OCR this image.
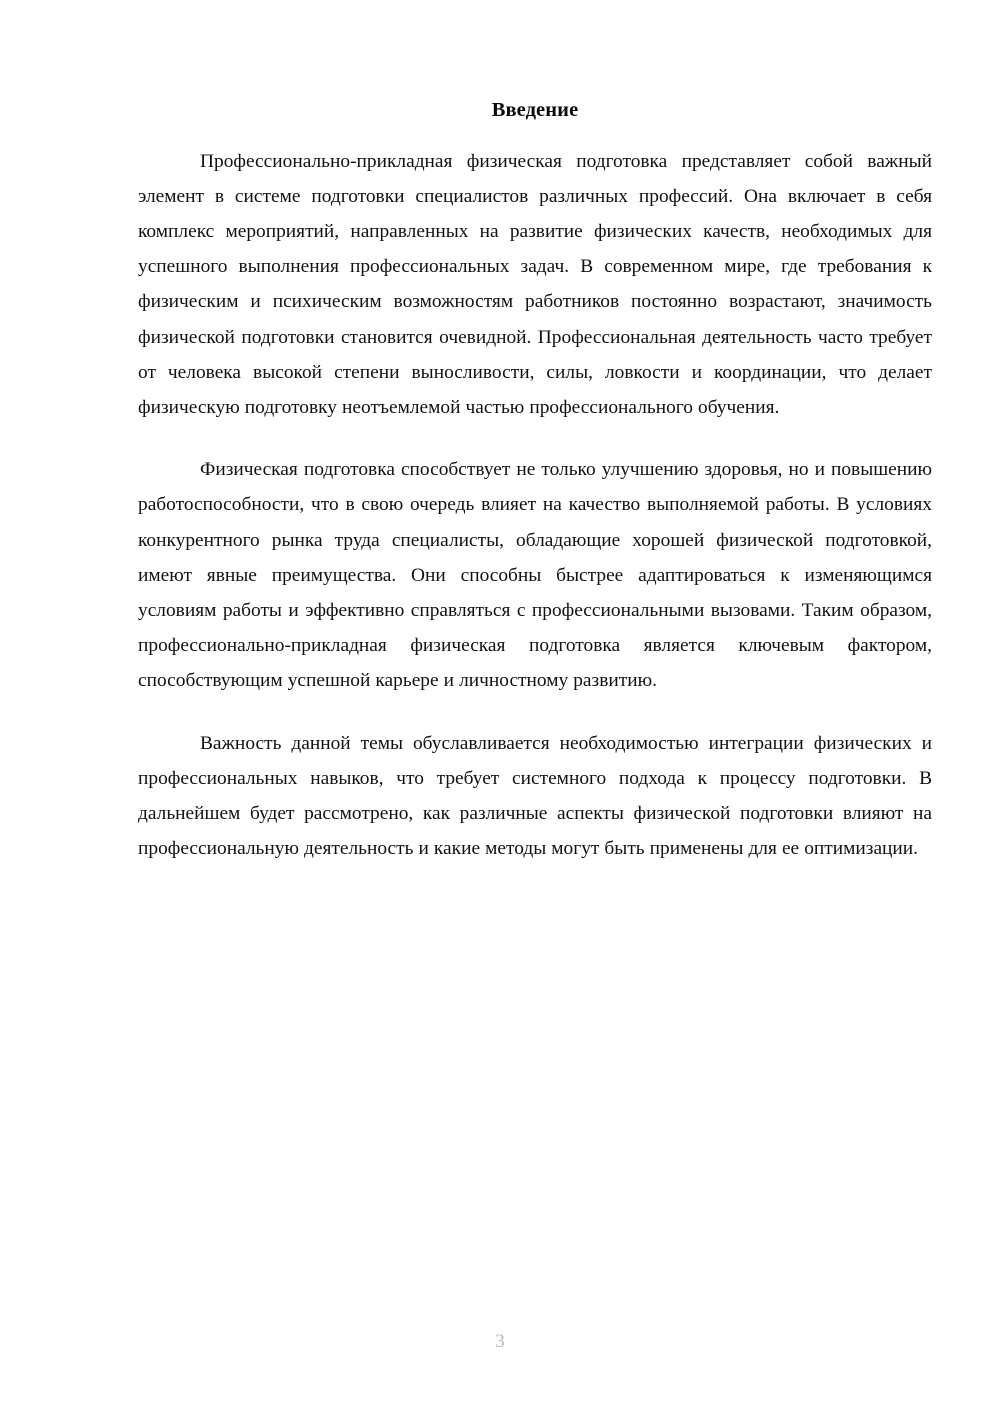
Введение

Профессионально-прикладная физическая подготовка представляет собой важный элемент в системе подготовки специалистов различных профессий. Она включает в себя комплекс мероприятий, направленных на развитие физических качеств, необходимых для успешного выполнения профессиональных задач. В современном мире, где требования к физическим и психическим возможностям работников постоянно возрастают, значимость физической подготовки становится очевидной. Профессиональная деятельность часто требует от человека высокой степени выносливости, силы, ловкости и координации, что делает физическую подготовку неотъемлемой частью профессионального обучения.

Физическая подготовка способствует не только улучшению здоровья, но и повышению работоспособности, что в свою очередь влияет на качество выполняемой работы. В условиях конкурентного рынка труда специалисты, обладающие хорошей физической подготовкой, имеют явные преимущества. Они способны быстрее адаптироваться к изменяющимся условиям работы и эффективно справляться с профессиональными вызовами. Таким образом, профессионально-прикладная физическая подготовка является ключевым фактором, способствующим успешной карьере и личностному развитию.

Важность данной темы обуславливается необходимостью интеграции физических и профессиональных навыков, что требует системного подхода к процессу подготовки. В дальнейшем будет рассмотрено, как различные аспекты физической подготовки влияют на профессиональную деятельность и какие методы могут быть применены для ее оптимизации.

3
